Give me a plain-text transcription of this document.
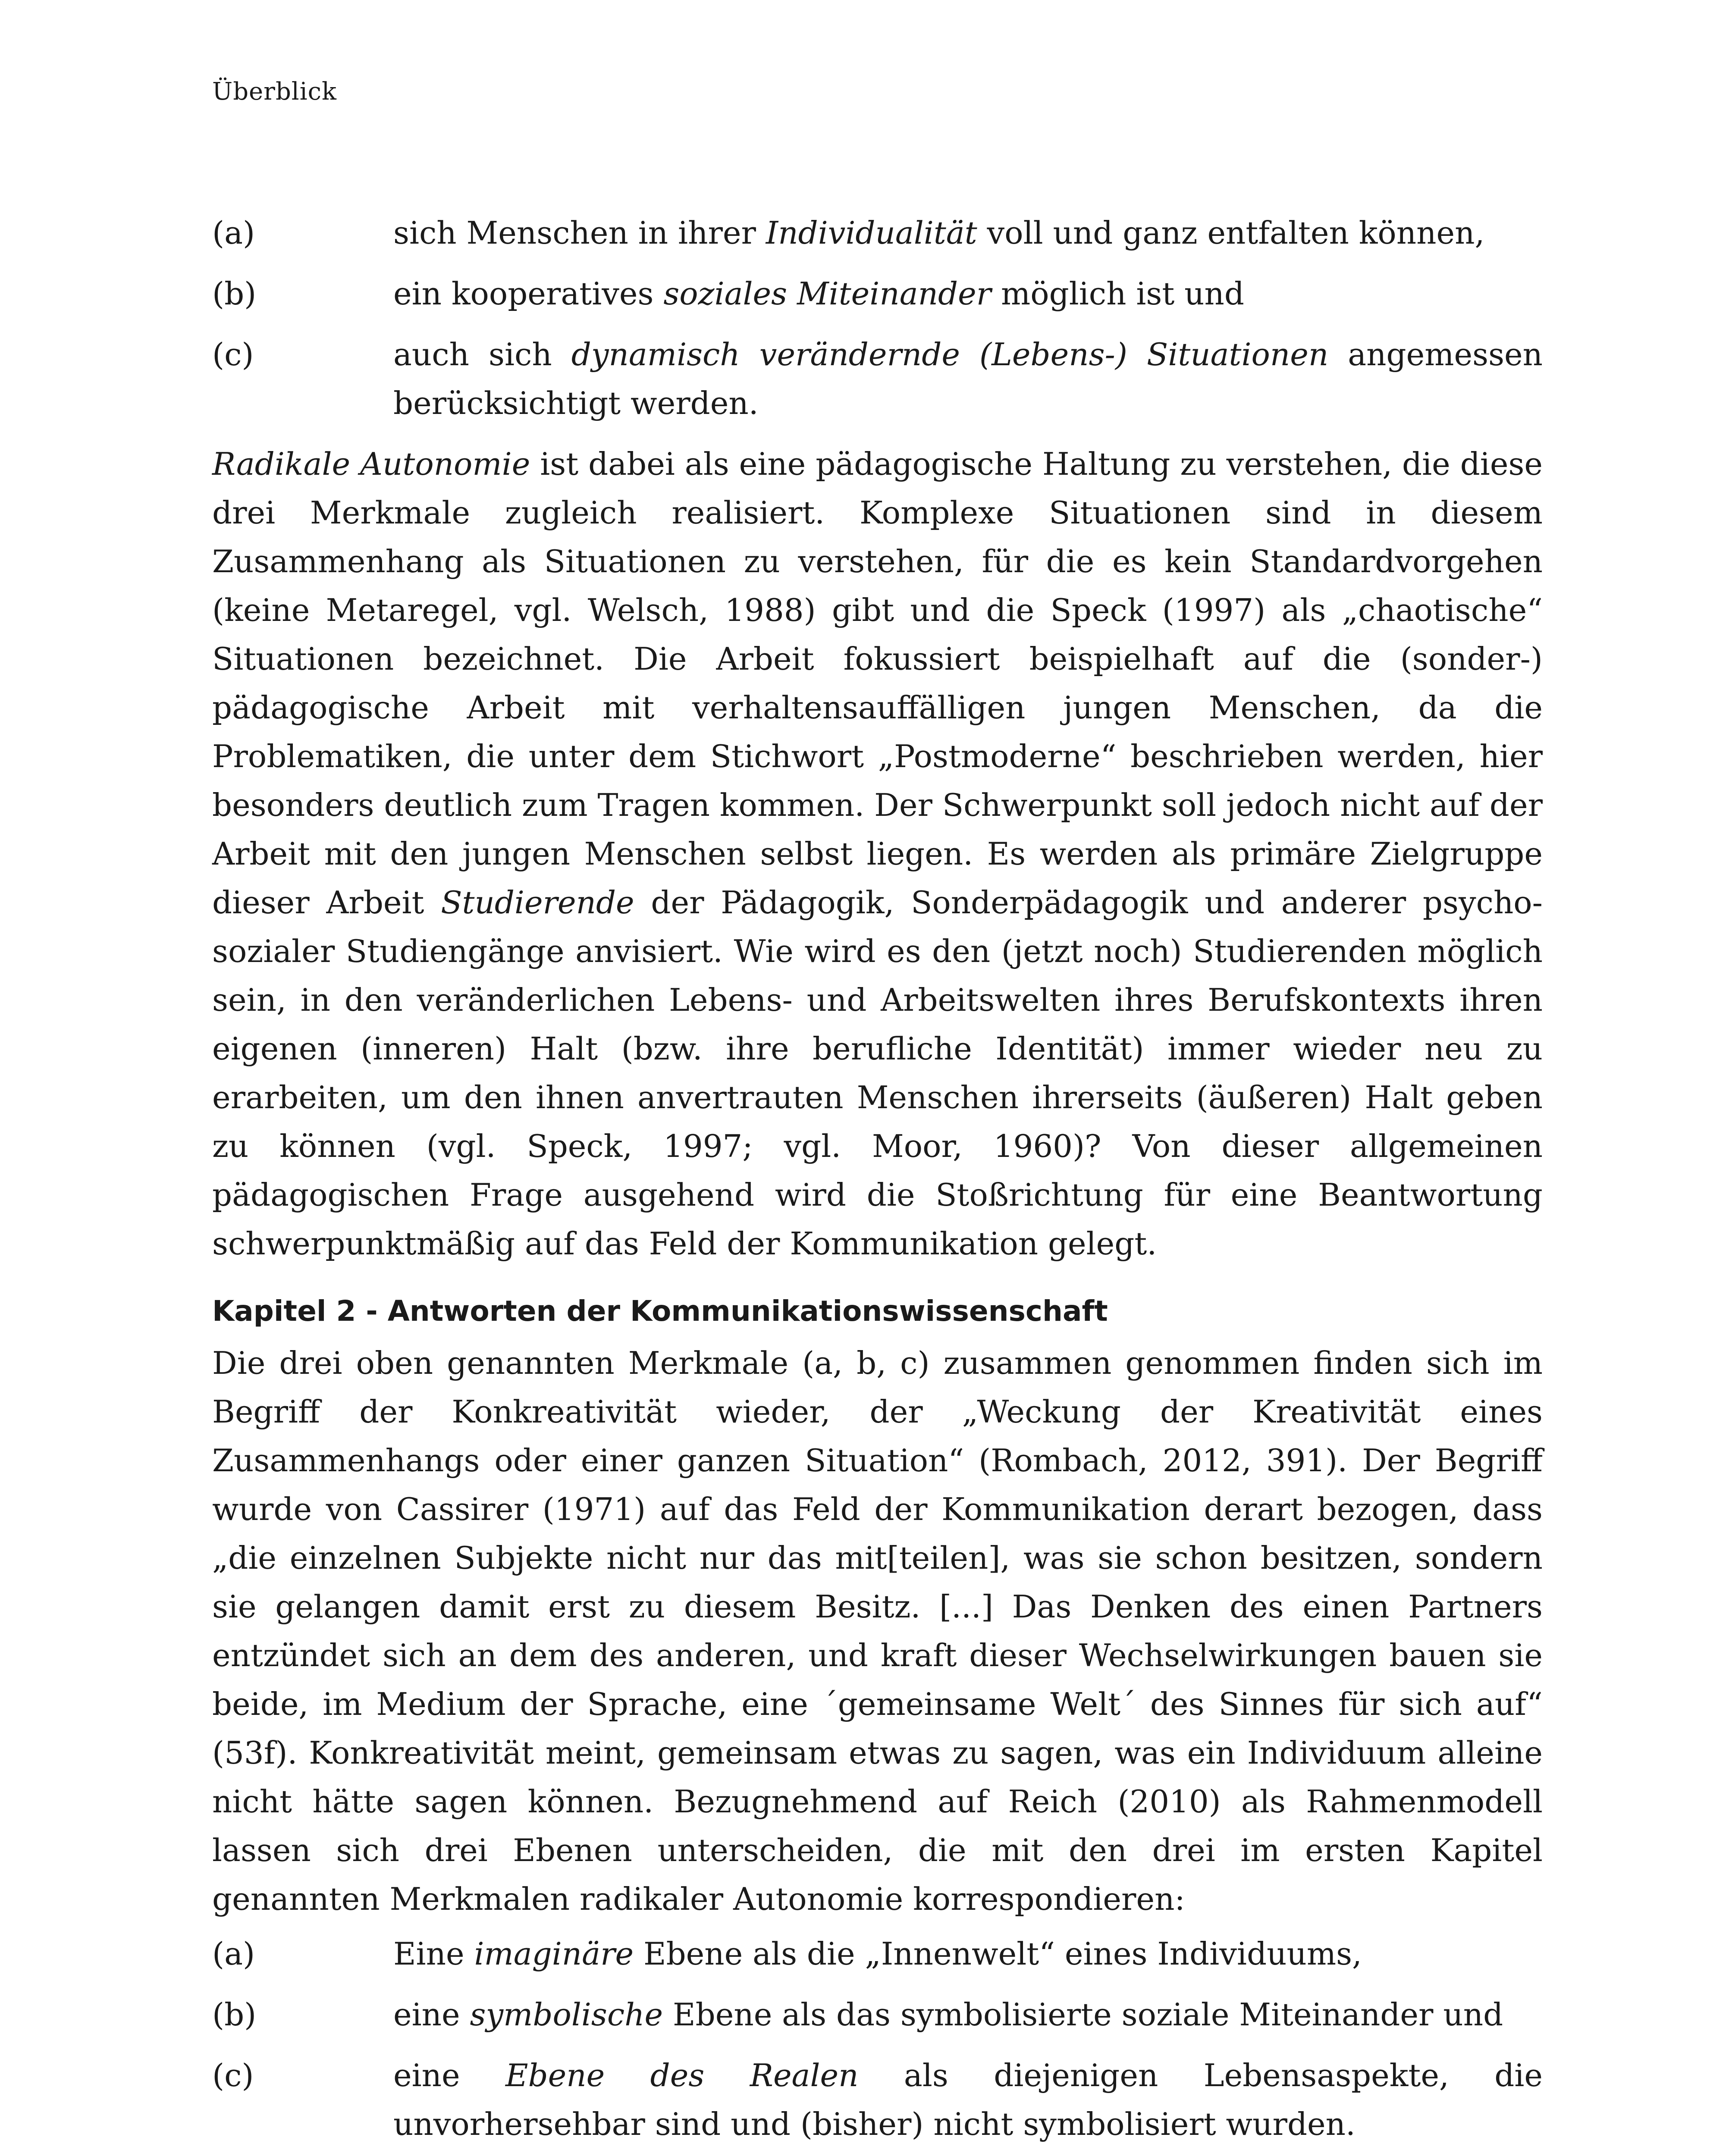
Überblick
(a)	sich Menschen in ihrer Individualität voll und ganz entfalten können,
(b)	ein kooperatives soziales Miteinander möglich ist und
(c)	auch sich dynamisch verändernde (Lebens-) Situationen angemessen berücksichtigt werden.

Radikale Autonomie ist dabei als eine pädagogische Haltung zu verstehen, die diese drei Merkmale zugleich realisiert. Komplexe Situationen sind in diesem Zusammenhang als Situationen zu verstehen, für die es kein Standardvorgehen (keine Metaregel, vgl. Welsch, 1988) gibt und die Speck (1997) als „chaotische“ Situationen bezeichnet. Die Arbeit fokussiert beispielhaft auf die (sonder-) pädagogische Arbeit mit verhaltensauffälligen jungen Menschen, da die Problematiken, die unter dem Stichwort „Postmoderne“ beschrieben werden, hier besonders deutlich zum Tragen kommen. Der Schwerpunkt soll jedoch nicht auf der Arbeit mit den jungen Menschen selbst liegen. Es werden als primäre Zielgruppe dieser Arbeit Studierende der Pädagogik, Sonderpädagogik und anderer psycho-sozialer Studiengänge anvisiert. Wie wird es den (jetzt noch) Studierenden möglich sein, in den veränderlichen Lebens- und Arbeitswelten ihres Berufskontexts ihren eigenen (inneren) Halt (bzw. ihre berufliche Identität) immer wieder neu zu erarbeiten, um den ihnen anvertrauten Menschen ihrerseits (äußeren) Halt geben zu können (vgl. Speck, 1997; vgl. Moor, 1960)? Von dieser allgemeinen pädagogischen Frage ausgehend wird die Stoßrichtung für eine Beantwortung schwerpunktmäßig auf das Feld der Kommunikation gelegt.

Kapitel 2 - Antworten der Kommunikationswissenschaft

Die drei oben genannten Merkmale (a, b, c) zusammen genommen finden sich im Begriff der Konkreativität wieder, der „Weckung der Kreativität eines Zusammenhangs oder einer ganzen Situation“ (Rombach, 2012, 391). Der Begriff wurde von Cassirer (1971) auf das Feld der Kommunikation derart bezogen, dass „die einzelnen Subjekte nicht nur das mit[teilen], was sie schon besitzen, sondern sie gelangen damit erst zu diesem Besitz. [...] Das Denken des einen Partners entzündet sich an dem des anderen, und kraft dieser Wechselwirkungen bauen sie beide, im Medium der Sprache, eine ´gemeinsame Welt´ des Sinnes für sich auf“ (53f). Konkreativität meint, gemeinsam etwas zu sagen, was ein Individuum alleine nicht hätte sagen können. Bezugnehmend auf Reich (2010) als Rahmenmodell lassen sich drei Ebenen unterscheiden, die mit den drei im ersten Kapitel genannten Merkmalen radikaler Autonomie korrespondieren:

(a)	Eine imaginäre Ebene als die „Innenwelt“ eines Individuums,
(b)	eine symbolische Ebene als das symbolisierte soziale Miteinander und
(c)	eine Ebene des Realen als diejenigen Lebensaspekte, die unvorhersehbar sind und (bisher) nicht symbolisiert wurden.
